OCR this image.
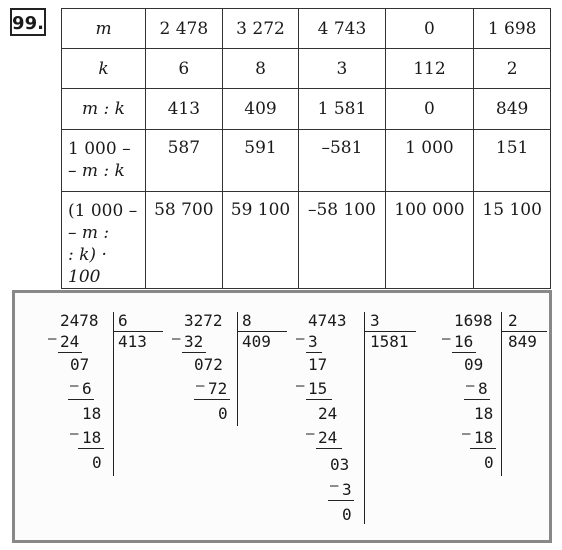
99.	m	2 478	3 272	4 743	0	1 698
k	6	8	3	112	2
m : k	413	409	1 581	0	849

1 000 –
– m : k	587	591	–581	1 000	151

(1 000 –
– m :
: k) · 100	58 700	59 100	–58 100	100 000	15 100
2478 6
413
– 24
07
– 6
18
– 18
0
3272 8
409
– 32
072
– 72
0
4743 3
1581
– 3
17
– 15
24
– 24
03
– 3
0
1698 2
849
– 16
09
– 8
18
– 18
0
